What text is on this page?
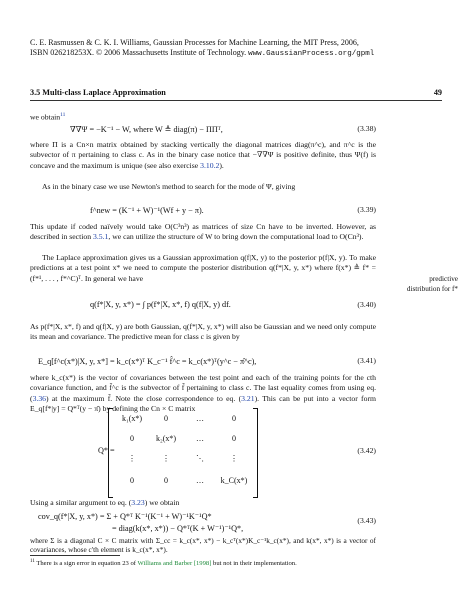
C. E. Rasmussen & C. K. I. Williams, Gaussian Processes for Machine Learning, the MIT Press, 2006,
ISBN 026218253X. © 2006 Massachusetts Institute of Technology. www.GaussianProcess.org/gpml
3.5 Multi-class Laplace Approximation	49
we obtain$^{11}$
∇∇Ψ = −K⁻¹ − W, where W ≜ diag(π) − ΠΠᵀ,	(3.38)
where Π is a Cn×n matrix obtained by stacking vertically the diagonal matrices diag(π^c), and π^c is the subvector of π pertaining to class c. As in the binary case notice that −∇∇Ψ is positive definite, thus Ψ(f) is concave and the maximum is unique (see also exercise 3.10.2).
As in the binary case we use Newton's method to search for the mode of Ψ, giving
f^new = (K⁻¹ + W)⁻¹(Wf + y − π).	(3.39)
This update if coded naïvely would take O(C³n³) as matrices of size Cn have to be inverted. However, as described in section 3.5.1, we can utilize the structure of W to bring down the computational load to O(Cn³).
The Laplace approximation gives us a Gaussian approximation q(f|X, y) to the posterior p(f|X, y). To make predictions at a test point x* we need to compute the posterior distribution q(f*|X, y, x*) where f(x*) ≜ f* = (f*¹, . . . , f*^C)ᵀ. In general we have	predictive
distribution for f*
q(f*|X, y, x*) = ∫ p(f*|X, x*, f) q(f|X, y) df.	(3.40)
As p(f*|X, x*, f) and q(f|X, y) are both Gaussian, q(f*|X, y, x*) will also be Gaussian and we need only compute its mean and covariance. The predictive mean for class c is given by
E_q[f^c(x*)|X, y, x*] = k_c(x*)ᵀ K_c⁻¹ f̂^c = k_c(x*)ᵀ(y^c − π̂^c),	(3.41)
where k_c(x*) is the vector of covariances between the test point and each of the training points for the cth covariance function, and f̂^c is the subvector of f̂ pertaining to class c. The last equality comes from using eq. (3.36) at the maximum f̂. Note the close correspondence to eq. (3.21). This can be put into a vector form E_q[f*|y] = Q*ᵀ(y − π̂) by defining the Cn × C matrix
Q* =	(3.42)
k₁(x*)	0	…	0
0	k₂(x*)	…	0
⋮	⋮	⋱	⋮
0	0	…	k_C(x*)
Using a similar argument to eq. (3.23) we obtain
cov_q(f*|X, y, x*) = Σ + Q*ᵀ K⁻¹(K⁻¹ + W)⁻¹K⁻¹Q*
= diag(k(x*, x*)) − Q*ᵀ(K + W⁻¹)⁻¹Q*,
(3.43)
where Σ is a diagonal C × C matrix with Σ_cc = k_c(x*, x*) − k_cᵀ(x*)K_c⁻¹k_c(x*), and k(x*, x*) is a vector of covariances, whose c'th element is k_c(x*, x*).
$^{11}$ There is a sign error in equation 23 of Williams and Barber [1998] but not in their implementation.
